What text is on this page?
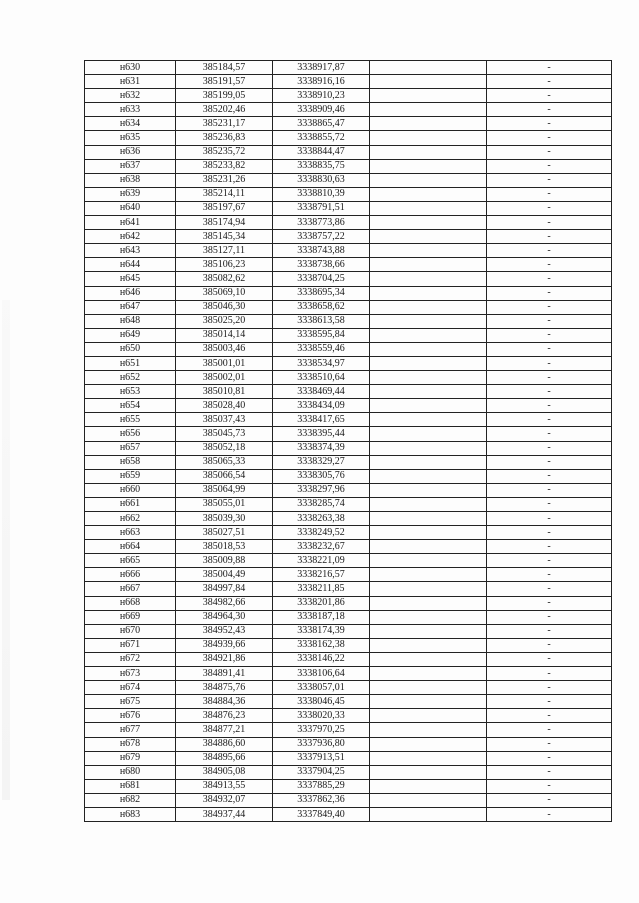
н630	385184,57	3338917,87		-
н631	385191,57	3338916,16		-
н632	385199,05	3338910,23		-
н633	385202,46	3338909,46		-
н634	385231,17	3338865,47		-
н635	385236,83	3338855,72		-
н636	385235,72	3338844,47		-
н637	385233,82	3338835,75		-
н638	385231,26	3338830,63		-
н639	385214,11	3338810,39		-
н640	385197,67	3338791,51		-
н641	385174,94	3338773,86		-
н642	385145,34	3338757,22		-
н643	385127,11	3338743,88		-
н644	385106,23	3338738,66		-
н645	385082,62	3338704,25		-
н646	385069,10	3338695,34		-
н647	385046,30	3338658,62		-
н648	385025,20	3338613,58		-
н649	385014,14	3338595,84		-
н650	385003,46	3338559,46		-
н651	385001,01	3338534,97		-
н652	385002,01	3338510,64		-
н653	385010,81	3338469,44		-
н654	385028,40	3338434,09		-
н655	385037,43	3338417,65		-
н656	385045,73	3338395,44		-
н657	385052,18	3338374,39		-
н658	385065,33	3338329,27		-
н659	385066,54	3338305,76		-
н660	385064,99	3338297,96		-
н661	385055,01	3338285,74		-
н662	385039,30	3338263,38		-
н663	385027,51	3338249,52		-
н664	385018,53	3338232,67		-
н665	385009,88	3338221,09		-
н666	385004,49	3338216,57		-
н667	384997,84	3338211,85		-
н668	384982,66	3338201,86		-
н669	384964,30	3338187,18		-
н670	384952,43	3338174,39		-
н671	384939,66	3338162,38		-
н672	384921,86	3338146,22		-
н673	384891,41	3338106,64		-
н674	384875,76	3338057,01		-
н675	384884,36	3338046,45		-
н676	384876,23	3338020,33		-
н677	384877,21	3337970,25		-
н678	384886,60	3337936,80		-
н679	384895,66	3337913,51		-
н680	384905,08	3337904,25		-
н681	384913,55	3337885,29		-
н682	384932,07	3337862,36		-
н683	384937,44	3337849,40		-
